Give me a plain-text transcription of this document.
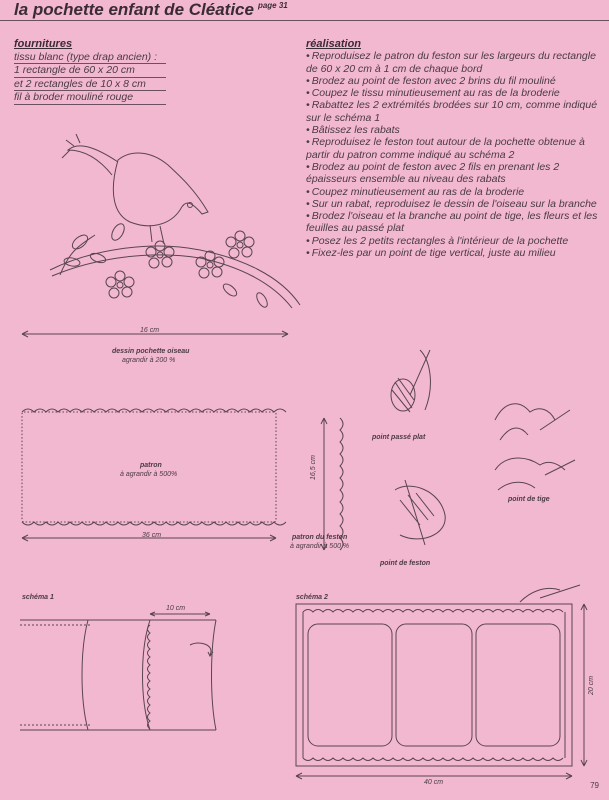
la pochette enfant de Cléatice $^{page 31}$
fournitures
tissu blanc (type drap ancien) :
1 rectangle de 60 x 20 cm
et 2 rectangles de 10 x 8 cm
fil à broder mouliné rouge
réalisation

• Reproduisez le patron du feston sur les largeurs du rectangle de 60 x 20 cm à 1 cm de chaque bord

• Brodez au point de feston avec 2 brins du fil mouliné

• Coupez le tissu minutieusement au ras de la broderie

• Rabattez les 2 extrémités brodées sur 10 cm, comme indiqué sur le schéma 1

• Bâtissez les rabats

• Reproduisez le feston tout autour de la pochette obtenue à partir du patron comme indiqué au schéma 2

• Brodez au point de feston avec 2 fils en prenant les 2 épaisseurs ensemble au niveau des rabats

• Coupez minutieusement au ras de la broderie

• Sur un rabat, reproduisez le dessin de l'oiseau sur la branche

• Brodez l'oiseau et la branche au point de tige, les fleurs et les feuilles au passé plat

• Posez les 2 petits rectangles à l'intérieur de la pochette

• Fixez-les par un point de tige vertical, juste au milieu

16 cm
dessin pochette oiseau
agrandir à 200 %
patron
à agrandir à 500%
36 cm
16,5 cm
patron du feston
à agrandir à 500 %
point passé plat
point de tige
point de feston
schéma 1
10 cm
schéma 2
40 cm
20 cm
79
